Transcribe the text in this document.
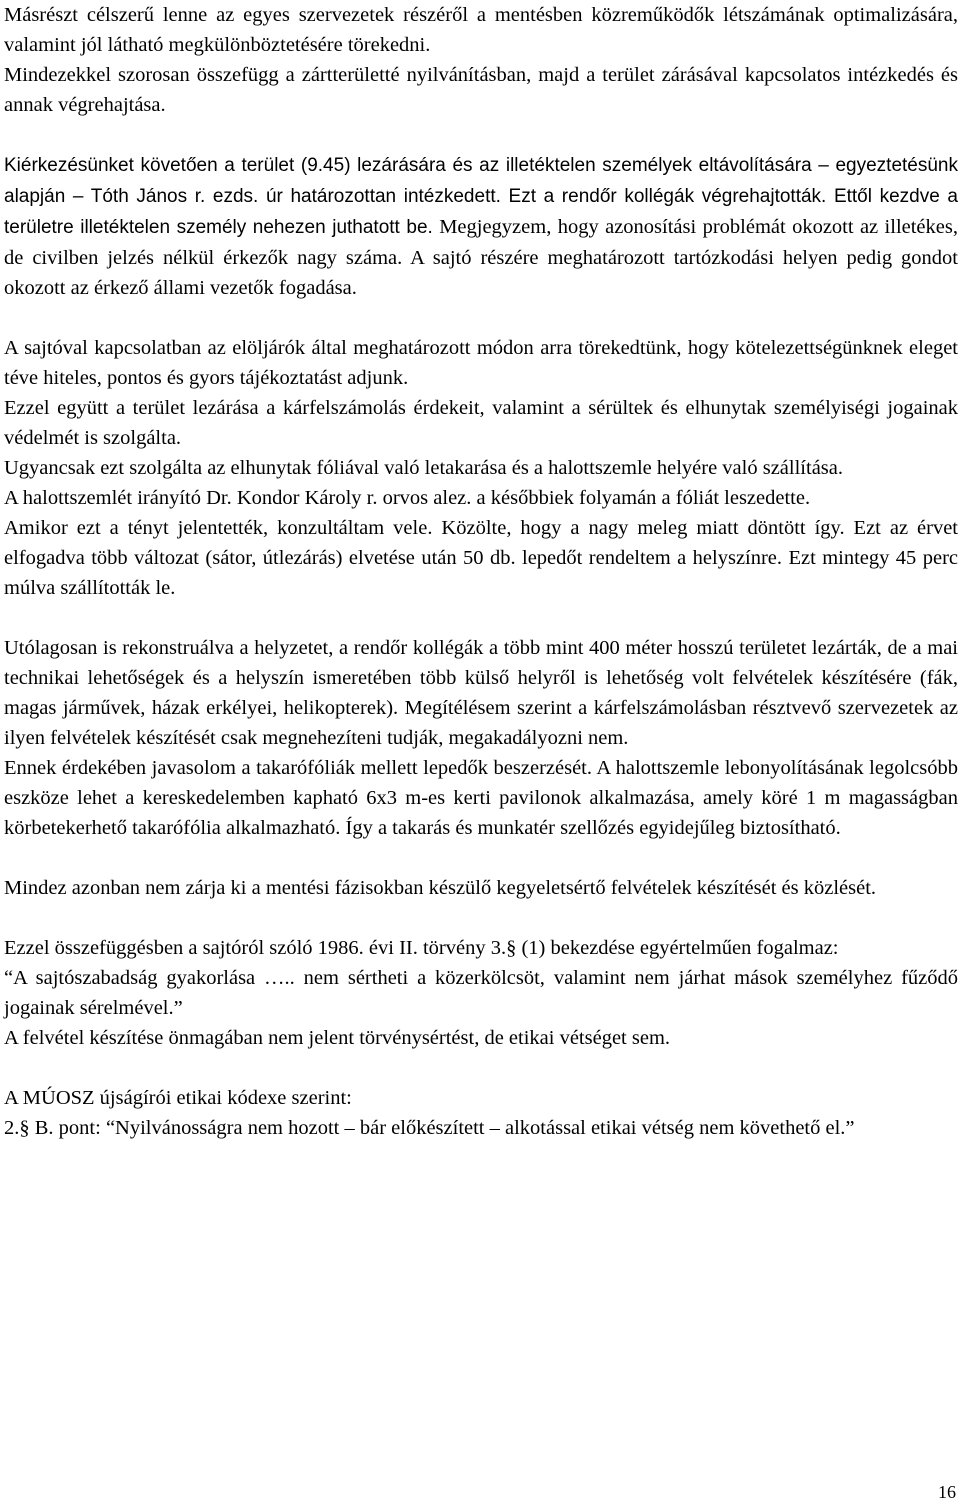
Másrészt célszerű lenne az egyes szervezetek részéről a mentésben közreműködők létszámának optimalizására, valamint jól látható megkülönböztetésére törekedni.

Mindezekkel szorosan összefügg a zártterületté nyilvánításban, majd a terület zárásával kapcsolatos intézkedés és annak végrehajtása.

Kiérkezésünket követően a terület (9.45) lezárására és az illetéktelen személyek eltávolítására – egyeztetésünk alapján – Tóth János r. ezds. úr határozottan intézkedett. Ezt a rendőr kollégák végrehajtották. Ettől kezdve a területre illetéktelen személy nehezen juthatott be. Megjegyzem, hogy azonosítási problémát okozott az illetékes, de civilben jelzés nélkül érkezők nagy száma. A sajtó részére meghatározott tartózkodási helyen pedig gondot okozott az érkező állami vezetők fogadása.

A sajtóval kapcsolatban az elöljárók által meghatározott módon arra törekedtünk, hogy kötelezettségünknek eleget téve hiteles, pontos és gyors tájékoztatást adjunk.

Ezzel együtt a terület lezárása a kárfelszámolás érdekeit, valamint a sérültek és elhunytak személyiségi jogainak védelmét is szolgálta.

Ugyancsak ezt szolgálta az elhunytak fóliával való letakarása és a halottszemle helyére való szállítása.

A halottszemlét irányító Dr. Kondor Károly r. orvos alez. a későbbiek folyamán a fóliát leszedette.

Amikor ezt a tényt jelentették, konzultáltam vele. Közölte, hogy a nagy meleg miatt döntött így. Ezt az érvet elfogadva több változat (sátor, útlezárás) elvetése után 50 db. lepedőt rendeltem a helyszínre. Ezt mintegy 45 perc múlva szállították le.

Utólagosan is rekonstruálva a helyzetet, a rendőr kollégák a több mint 400 méter hosszú területet lezárták, de a mai technikai lehetőségek és a helyszín ismeretében több külső helyről is lehetőség volt felvételek készítésére (fák, magas járművek, házak erkélyei, helikopterek). Megítélésem szerint a kárfelszámolásban résztvevő szervezetek az ilyen felvételek készítését csak megnehezíteni tudják, megakadályozni nem.

Ennek érdekében javasolom a takarófóliák mellett lepedők beszerzését. A halottszemle lebonyolításának legolcsóbb eszköze lehet a kereskedelemben kapható 6x3 m-es kerti pavilonok alkalmazása, amely köré 1 m magasságban körbetekerhető takarófólia alkalmazható. Így a takarás és munkatér szellőzés egyidejűleg biztosítható.

Mindez azonban nem zárja ki a mentési fázisokban készülő kegyeletsértő felvételek készítését és közlését.

Ezzel összefüggésben a sajtóról szóló 1986. évi II. törvény 3.§ (1) bekezdése egyértelműen fogalmaz:

“A sajtószabadság gyakorlása ….. nem sértheti a közerkölcsöt, valamint nem járhat mások személyhez fűződő jogainak sérelmével.”

A felvétel készítése önmagában nem jelent törvénysértést, de etikai vétséget sem.

A MÚOSZ újságírói etikai kódexe szerint:

2.§ B. pont: “Nyilvánosságra nem hozott – bár előkészített – alkotással etikai vétség nem követhető el.”

16
